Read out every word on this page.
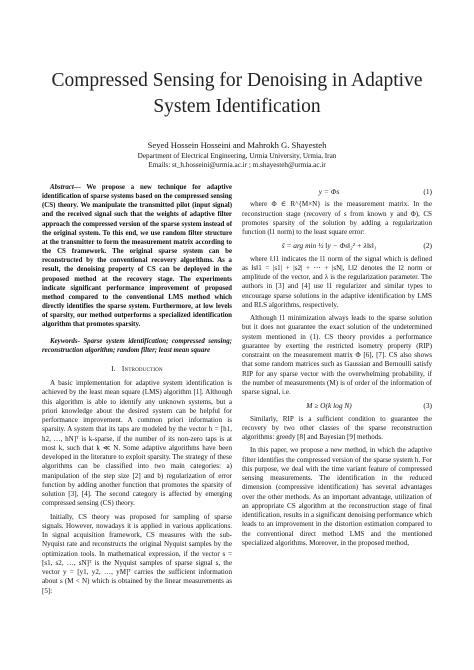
Compressed Sensing for Denoising in Adaptive
System Identification
Seyed Hossein Hosseini and Mahrokh G. Shayesteh
Department of Electrical Engineering, Urmia University, Urmia, Iran
Emails: st_h.hosseini@urmia.ac.ir ; m.shayesteh@urmia.ac.ir

Abstract— We propose a new technique for adaptive identification of sparse systems based on the compressed sensing (CS) theory. We manipulate the transmitted pilot (input signal) and the received signal such that the weights of adaptive filter approach the compressed version of the sparse system instead of the original system. To this end, we use random filter structure at the transmitter to form the measurement matrix according to the CS framework. The original sparse system can be reconstructed by the conventional recovery algorithms. As a result, the denoising property of CS can be deployed in the proposed method at the recovery stage. The experiments indicate significant performance improvement of proposed method compared to the conventional LMS method which directly identifies the sparse system. Furthermore, at low levels of sparsity, our method outperforms a specialized identification algorithm that promotes sparsity.

Keywords- Sparse system identification; compressed sensing; reconstruction algorithm; random filter; least mean square

I. Introduction

A basic implementation for adaptive system identification is achieved by the least mean square (LMS) algorithm [1]. Although this algorithm is able to identify any unknown systems, but a priori knowledge about the desired system can be helpful for performance improvement. A common priori information is sparsity. A system that its taps are modeled by the vector h = [h1, h2, …, hN]ᵀ is k-sparse, if the number of its non-zero taps is at most k, such that k ≪ N. Some adaptive algorithms have been developed in the literature to exploit sparsity. The strategy of these algorithms can be classified into two main categories: a) manipulation of the step size [2] and b) regularization of error function by adding another function that promotes the sparsity of solution [3], [4]. The second category is affected by emerging compressed sensing (CS) theory.

Initially, CS theory was proposed for sampling of sparse signals. However, nowadays it is applied in various applications. In signal acquisition framework, CS measures with the sub-Nyquist rate and reconstructs the original Nyquist samples by the optimization tools. In mathematical expression, if the vector s = [s1, s2, …, sN]ᵀ is the Nyquist samples of sparse signal s, the vector y = [y1, y2, …, yM]ᵀ carries the sufficient information about s (M < N) which is obtained by the linear measurements as [5]:

y = Φs	(1)

where Φ ∈ R^{M×N} is the measurement matrix. In the reconstruction stage (recovery of s from known y and Φ), CS promotes sparsity of the solution by adding a regularization function (l1 norm) to the least square error:

ŝ = arg min ½ ‖y − Φs‖₂² + λ‖s‖₁	(2)

where ‖.‖1 indicates the l1 norm of the signal which is defined as ‖s‖1 = |s1| + |s2| + ⋯ + |sN|, ‖.‖2 denotes the l2 norm or amplitude of the vector, and λ is the regularization parameter. The authors in [3] and [4] use l1 regularizer and similar types to encourage sparse solutions in the adaptive identification by LMS and RLS algorithms, respectively.

Although l1 minimization always leads to the sparse solution but it does not guarantee the exact solution of the undetermined system mentioned in (1). CS theory provides a performance guarantee by exerting the restricted isometry property (RIP) constraint on the measurement matrix Φ [6], [7]. CS also shows that some random matrices such as Gaussian and Bernoulli satisfy RIP for any sparse vector with the overwhelming probability, if the number of measurements (M) is of order of the information of sparse signal, i.e.

M ≥ O(k log N)	(3)

Similarly, RIP is a sufficient condition to guarantee the recovery by two other classes of the sparse reconstruction algorithms: greedy [8] and Bayesian [9] methods.

In this paper, we propose a new method, in which the adaptive filter identifies the compressed version of the sparse system h. For this purpose, we deal with the time variant feature of compressed sensing measurements. The identification in the reduced dimension (compressive identification) has several advantages over the other methods. As an important advantage, utilization of an appropriate CS algorithm at the reconstruction stage of final identification, results in a significant denoising performance which leads to an improvement in the distortion estimation compared to the conventional direct method LMS and the mentioned specialized algorithms. Moreover, in the proposed method,
